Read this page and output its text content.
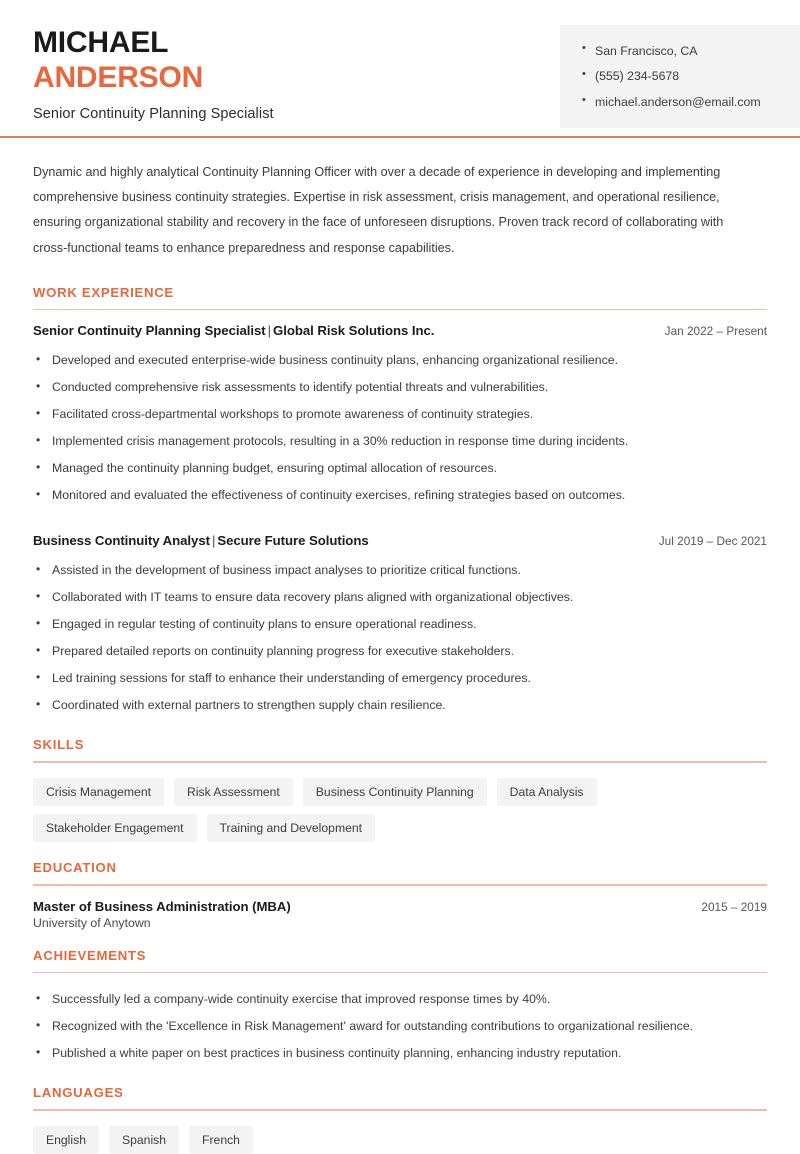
MICHAEL
ANDERSON
Senior Continuity Planning Specialist
• San Francisco, CA
• (555) 234-5678
• michael.anderson@email.com
Dynamic and highly analytical Continuity Planning Officer with over a decade of experience in developing and implementing comprehensive business continuity strategies. Expertise in risk assessment, crisis management, and operational resilience, ensuring organizational stability and recovery in the face of unforeseen disruptions. Proven track record of collaborating with cross-functional teams to enhance preparedness and response capabilities.
WORK EXPERIENCE
Senior Continuity Planning Specialist | Global Risk Solutions Inc.	Jan 2022 – Present
• Developed and executed enterprise-wide business continuity plans, enhancing organizational resilience.
• Conducted comprehensive risk assessments to identify potential threats and vulnerabilities.
• Facilitated cross-departmental workshops to promote awareness of continuity strategies.
• Implemented crisis management protocols, resulting in a 30% reduction in response time during incidents.
• Managed the continuity planning budget, ensuring optimal allocation of resources.
• Monitored and evaluated the effectiveness of continuity exercises, refining strategies based on outcomes.
Business Continuity Analyst | Secure Future Solutions	Jul 2019 – Dec 2021
• Assisted in the development of business impact analyses to prioritize critical functions.
• Collaborated with IT teams to ensure data recovery plans aligned with organizational objectives.
• Engaged in regular testing of continuity plans to ensure operational readiness.
• Prepared detailed reports on continuity planning progress for executive stakeholders.
• Led training sessions for staff to enhance their understanding of emergency procedures.
• Coordinated with external partners to strengthen supply chain resilience.
SKILLS
Crisis Management	Risk Assessment	Business Continuity Planning	Data Analysis
Stakeholder Engagement	Training and Development
EDUCATION
Master of Business Administration (MBA)	2015 – 2019
University of Anytown
ACHIEVEMENTS
• Successfully led a company-wide continuity exercise that improved response times by 40%.
• Recognized with the 'Excellence in Risk Management' award for outstanding contributions to organizational resilience.
• Published a white paper on best practices in business continuity planning, enhancing industry reputation.
LANGUAGES
English	Spanish	French
